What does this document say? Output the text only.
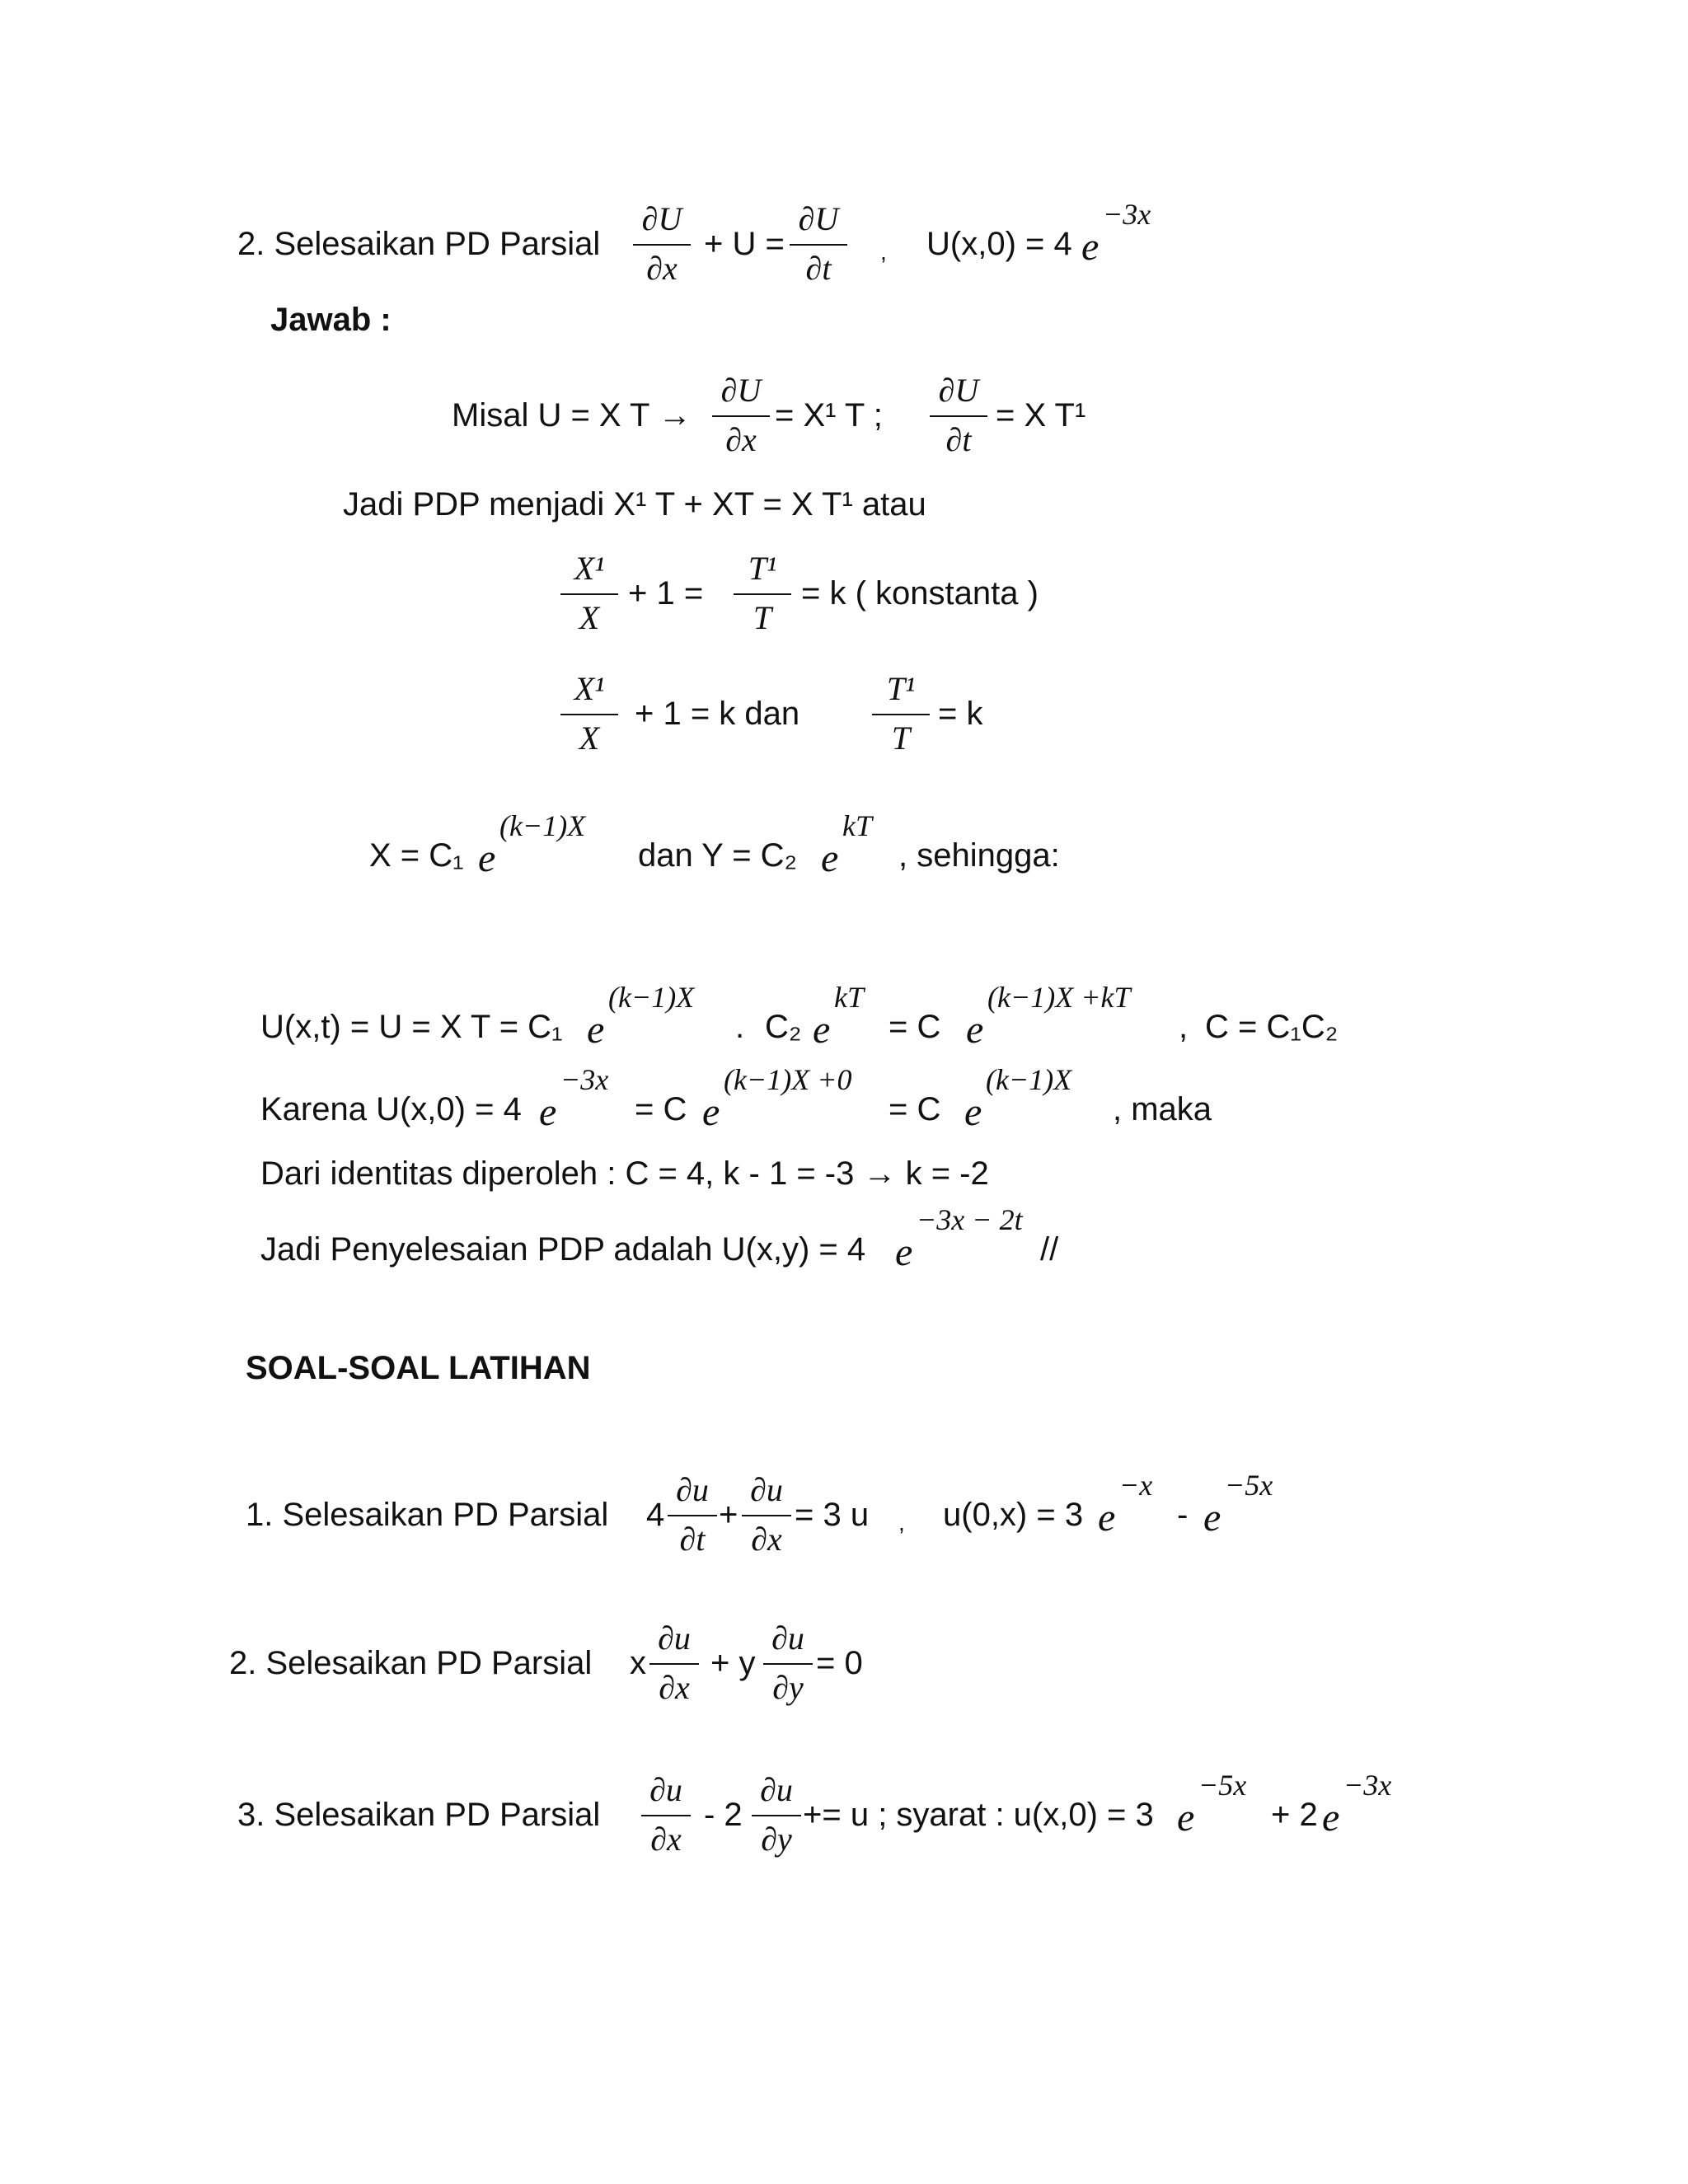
2. Selesaikan PD Parsial
∂U
∂x
+ U =
∂U
∂t	, U(x,0) = 4 e
−3x
Jawab :
Misal U = X T →
∂U
∂x
= X¹ T ;
∂U
∂t
= X T¹
Jadi PDP menjadi X¹ T + XT = X T¹ atau
X¹
X
+ 1 =
T¹
T
= k ( konstanta )
X¹
X
+ 1 = k dan
T¹
T
= k
X = C₁ e
(k−1)X
dan Y = C₂ e
kT
, sehingga:
U(x,t) = U = X T = C₁ e
(k−1)X
. C₂ e
kT
= C e
(k−1)X +kT
, C = C₁C₂
Karena U(x,0) = 4 e
−3x
= C e
(k−1)X +0
= C e
(k−1)X
, maka
Dari identitas diperoleh : C = 4, k - 1 = -3 → k = -2
Jadi Penyelesaian PDP adalah U(x,y) = 4 e
−3x − 2t
//
SOAL-SOAL LATIHAN
1. Selesaikan PD Parsial 4
∂u
∂t
+
∂u
∂x
= 3 u , u(0,x) = 3 e
−x
- e
−5x
2. Selesaikan PD Parsial x
∂u
∂x
+ y
∂u
∂y
= 0
3. Selesaikan PD Parsial
∂u
∂x
- 2
∂u
∂y
+= u ; syarat : u(x,0) = 3 e
−5x
+ 2 e
−3x
